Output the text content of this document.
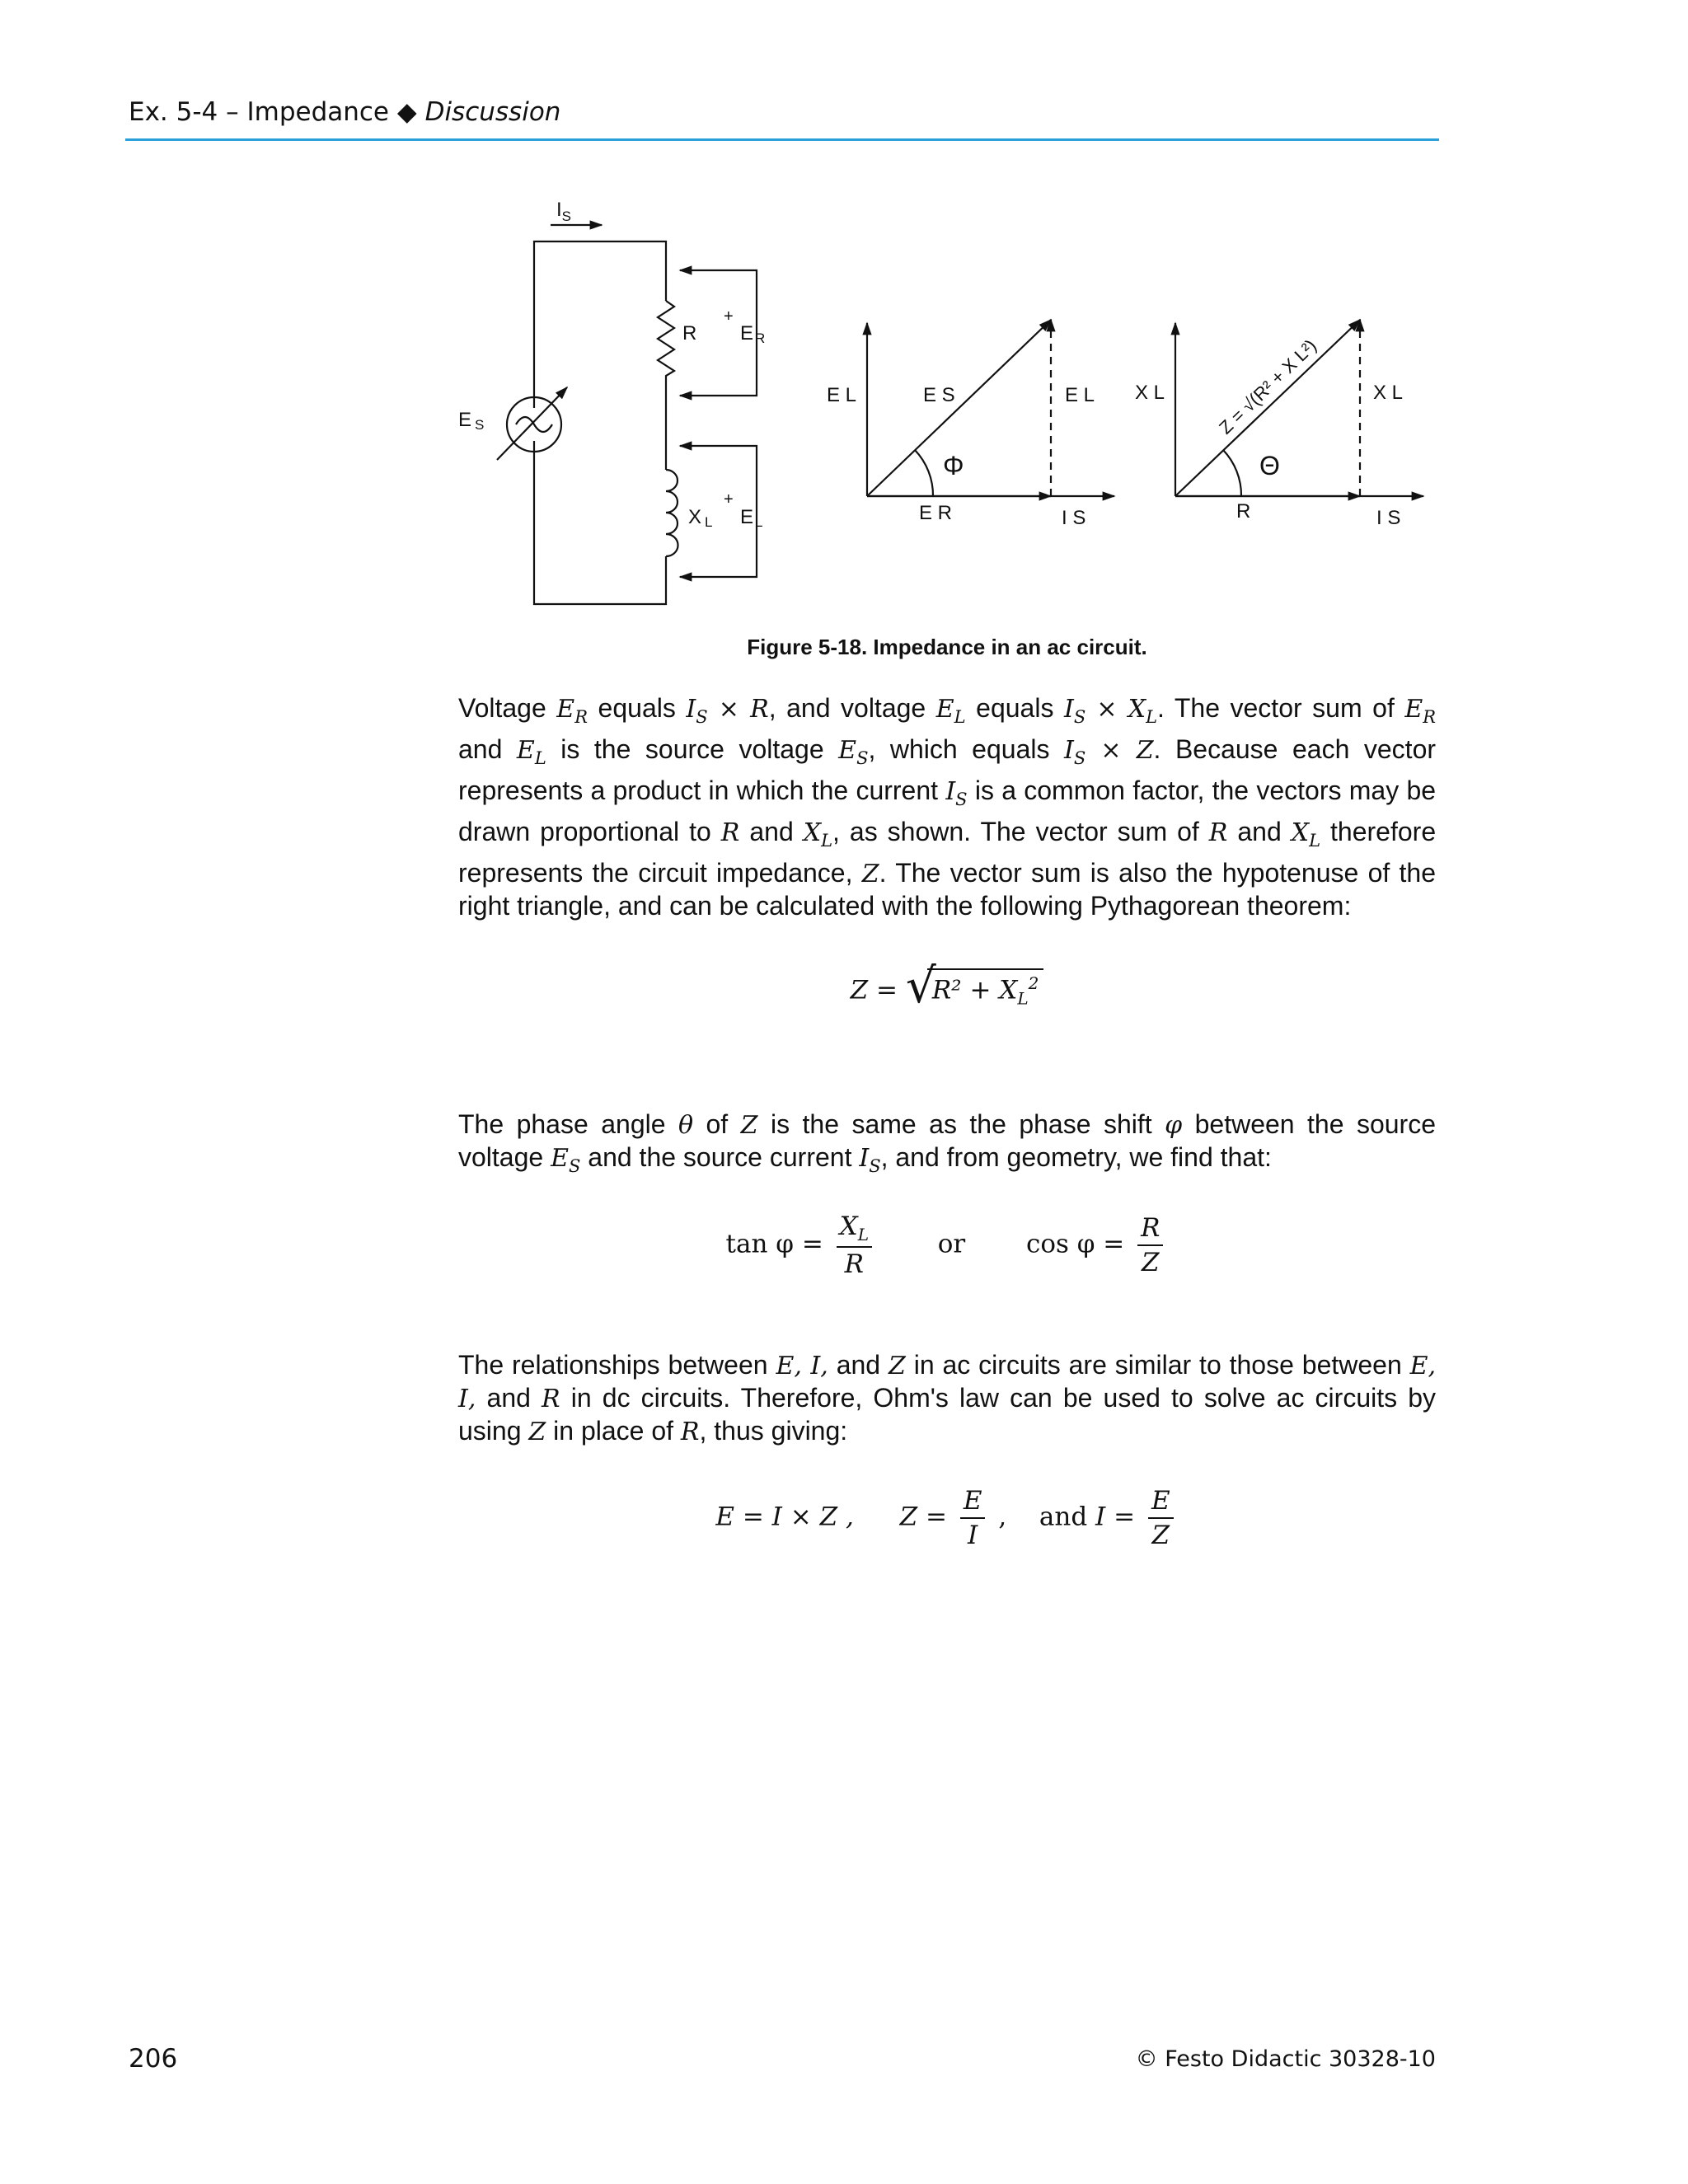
Ex. 5-4 – Impedance ◆ Discussion
$I_S$
E S
R
+
E R
X L
+
E L
E L	E S	E L
E R	I S
Φ
X L	X L
R	I S
Θ
Z = √(R² + X L²)
Figure 5-18. Impedance in an ac circuit.

Voltage $E_R$ equals $I_S \times R$, and voltage $E_L$ equals $I_S \times X_L$. The vector sum of $E_R$ and $E_L$ is the source voltage $E_S$, which equals $I_S \times Z$. Because each vector represents a product in which the current $I_S$ is a common factor, the vectors may be drawn proportional to R and $X_L$, as shown. The vector sum of R and $X_L$ therefore represents the circuit impedance, Z. The vector sum is also the hypotenuse of the right triangle, and can be calculated with the following Pythagorean theorem:

Z = √
$R^2 + X_L^2$

The phase angle θ of Z is the same as the phase shift φ between the source voltage $E_S$ and the source current $I_S$, and from geometry, we find that:

$\tan \varphi = \frac{X_L}{R}$	or $\cos \varphi = \frac{R}{Z}$

The relationships between E, I, and Z in ac circuits are similar to those between E, I, and R in dc circuits. Therefore, Ohm's law can be used to solve ac circuits by using Z in place of R, thus giving:

E = I × Z , $Z = \frac{E}{I}$ , and $I = \frac{E}{Z}$
206	© Festo Didactic 30328-10
